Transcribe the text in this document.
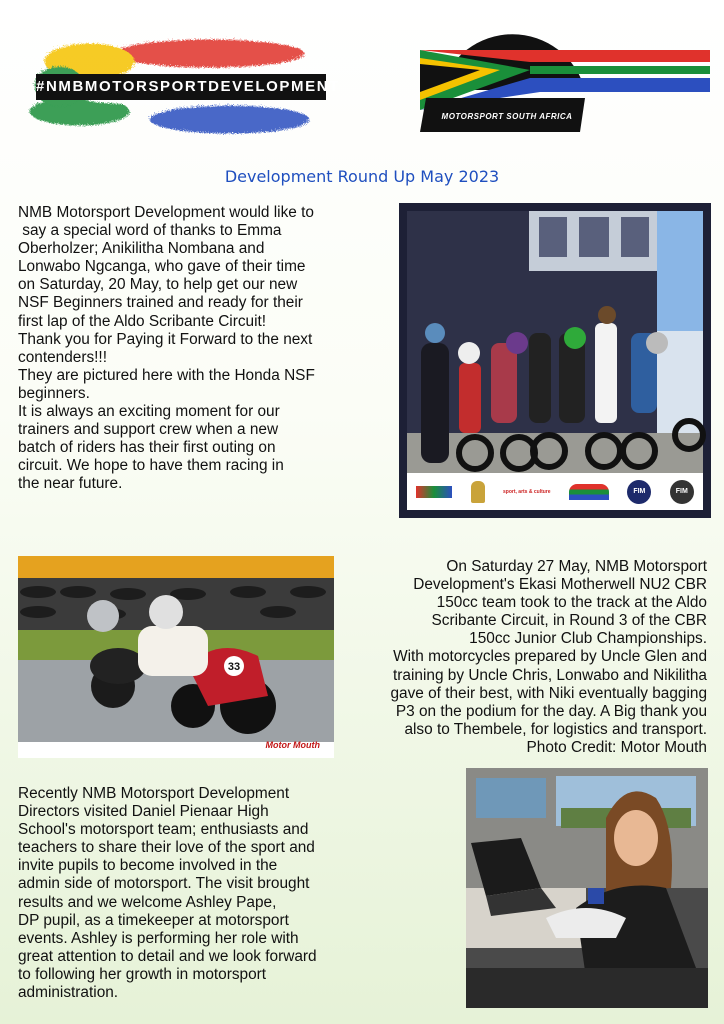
#NMBMOTORSPORTDEVELOPMENT
MOTORSPORT SOUTH AFRICA
Development Round Up May 2023

NMB Motorsport Development would like to

say a special word of thanks to Emma

Oberholzer; Anikilitha Nombana and

Lonwabo Ngcanga, who gave of their time

on Saturday, 20 May, to help get our new

NSF Beginners trained and ready for their

first lap of the Aldo Scribante Circuit!

Thank you for Paying it Forward to the next

contenders!!!

They are pictured here with the Honda NSF

beginners.

It is always an exciting moment for our

trainers and support crew when a new

batch of riders has their first outing on

circuit. We hope to have them racing in

the near future.	sport, arts & culture	FIM	FIM
33
Motor Mouth

On Saturday 27 May, NMB Motorsport

Development's Ekasi Motherwell NU2 CBR

150cc team took to the track at the Aldo

Scribante Circuit, in Round 3 of the CBR

150cc Junior Club Championships.

With motorcycles prepared by Uncle Glen and

training by Uncle Chris, Lonwabo and Nikilitha

gave of their best, with Niki eventually bagging

P3 on the podium for the day. A Big thank you

also to Thembele, for logistics and transport.

Photo Credit: Motor Mouth

Recently NMB Motorsport Development

Directors visited Daniel Pienaar High

School's motorsport team; enthusiasts and

teachers to share their love of the sport and

invite pupils to become involved in the

admin side of motorsport. The visit brought

results and we welcome Ashley Pape,

DP pupil, as a timekeeper at motorsport

events. Ashley is performing her role with

great attention to detail and we look forward

to following her growth in motorsport

administration.
